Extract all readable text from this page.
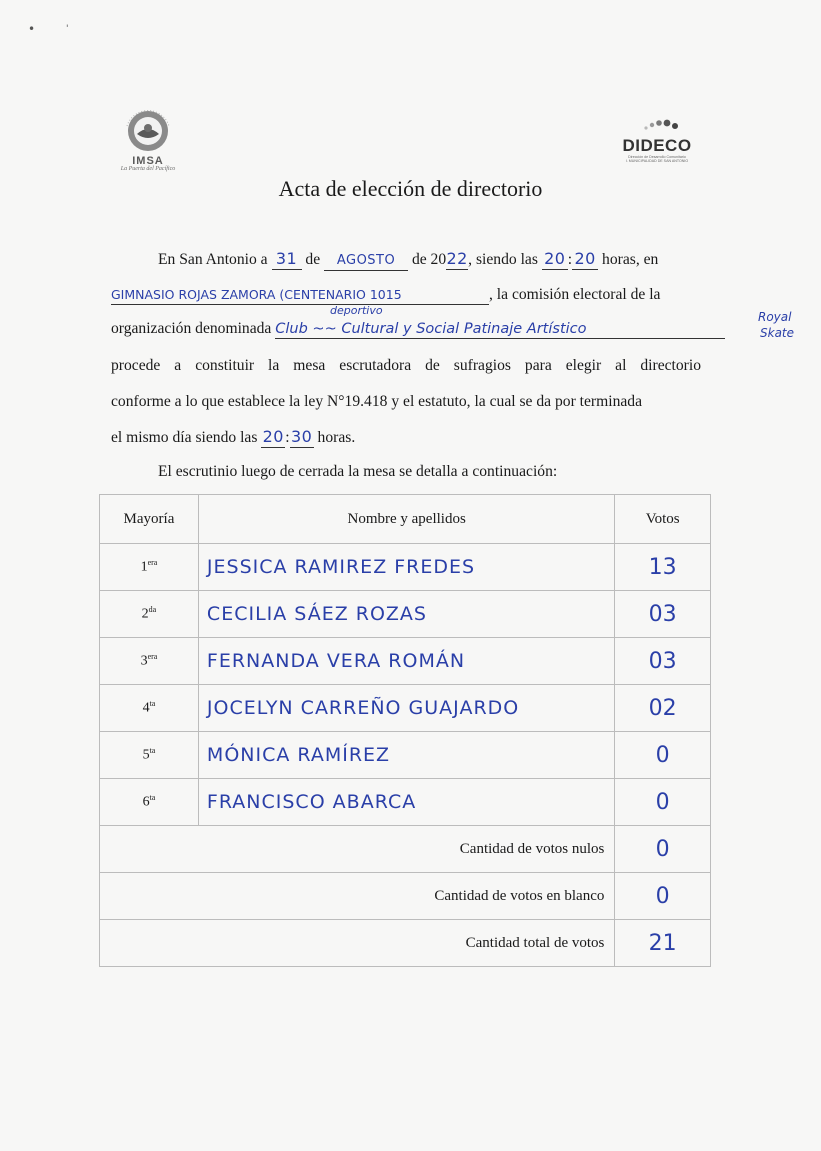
•	'
IMSA
La Puerta del Pacífico
DIDECO
Dirección de Desarrollo Comunitario
I. MUNICIPALIDAD DE SAN ANTONIO
Acta de elección de directorio
En San Antonio a 31 de AGOSTO de 2022, siendo las 20 : 20 horas, en
GIMNASIO ROJAS ZAMORA (CENTENARIO 1015	, la comisión electoral de la
organización denominada Club ~~ Cultural y Social Patinaje Artístico
deportivo	Royal
Skate
procede a constituir la mesa escrutadora de sufragios para elegir al directorio
conforme a lo que establece la ley N°19.418 y el estatuto, la cual se da por terminada
el mismo día siendo las 20:30 horas.
El escrutinio luego de cerrada la mesa se detalla a continuación:
Mayoría	Nombre y apellidos	Votos
$1^{era}$	JESSICA RAMIREZ FREDES	13
$2^{da}$	CECILIA SÁEZ ROZAS	03
$3^{era}$	FERNANDA VERA ROMÁN	03
$4^{ta}$	JOCELYN CARREÑO GUAJARDO	02
$5^{ta}$	MÓNICA RAMÍREZ	0
$6^{ta}$	FRANCISCO ABARCA	0
Cantidad de votos nulos		0
Cantidad de votos en blanco		0
Cantidad total de votos		21
